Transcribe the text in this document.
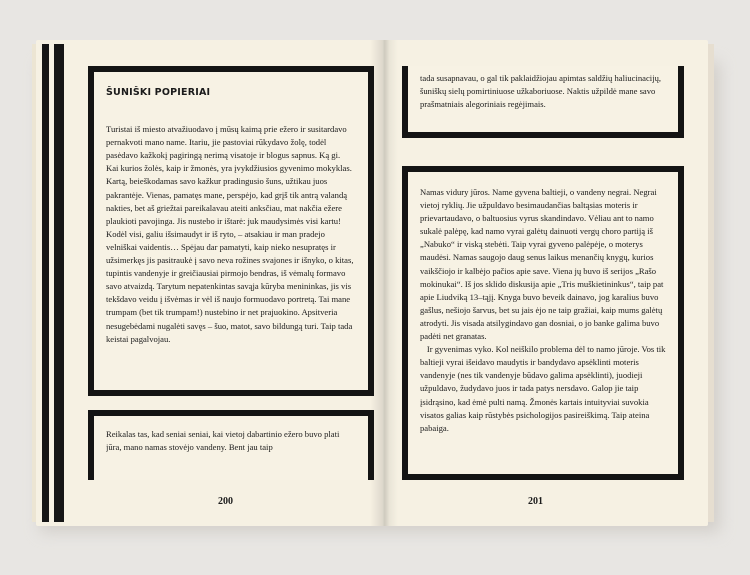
ŠUNIŠKI POPIERIAI

Turistai iš miesto atvažiuodavo į mūsų kaimą prie ežero ir susitardavo pernakvoti mano name. Itariu, jie pastoviai rūkydavo žolę, todėl pasėdavo kažkokį pagiringą nerimą visatoje ir blogus sapnus. Ką gi. Kai kurios žolės, kaip ir žmonės, yra įvykdžiusios gyvenimo mokyklas. Kartą, beieškodamas savo kažkur pradingusio šuns, užtikau juos pakrantėje. Vienas, pamatęs mane, perspėjo, kad grįš tik antrą valandą nakties, bet aš griežtai pareikalavau ateiti anksčiau, mat nakčia ežere plaukioti pavojinga. Jis nustebo ir ištarė: juk maudysimės visi kartu! Kodėl visi, galiu išsimaudyt ir iš ryto, – atsakiau ir man pradejo velniškai vaidentis… Spėjau dar pamatyti, kaip nieko nesupratęs ir užsimerkęs jis pasitraukė į savo neva rožines svajones ir išnyko, o kitas, tupintis vandenyje ir greičiausiai pirmojo bendras, iš vėmalų formavo savo atvaizdą. Tarytum nepatenkintas savąja kūryba menininkas, jis vis tekšdavo veidu į išvėmas ir vėl iš naujo formuodavo portretą. Tai mane trumpam (bet tik trumpam!) nustebino ir net prajuokino. Apsitveria nesugebėdami nugalėti savęs – šuo, matot, savo bildungą turi. Taip tada keistai pagalvojau.

Reikalas tas, kad seniai seniai, kai vietoj dabartinio ežero buvo plati jūra, mano namas stovėjo vandeny. Bent jau taip

200

tada susapnavau, o gal tik paklaidžiojau apimtas saldžių haliucinacijų, šuniškų sielų pomirtiniuose užkaboriuose. Naktis užpildė mane savo prašmatniais alegoriniais regėjimais.

Namas vidury jūros. Name gyvena baltieji, o vandeny negrai. Negrai vietoj ryklių. Jie užpuldavo besimaudančias baltąsias moteris ir prievartaudavo, o baltuosius vyrus skandindavo. Vėliau ant to namo sukalė palėpę, kad namo vyrai galėtų dainuoti vergų choro partiją iš „Nabuko“ ir viską stebėti. Taip vyrai gyveno palėpėje, o moterys maudėsi. Namas saugojo daug senus laikus menančių knygų, kurios vaikščiojo ir kalbėjo pačios apie save. Viena jų buvo iš serijos „Rašo mokinukai“. Iš jos sklido diskusija apie „Tris muškietininkus“, taip pat apie Liudviką 13–tąjį. Knyga buvo beveik dainavo, jog karalius buvo gašlus, nešiojo šarvus, bet su jais ėjo ne taip gražiai, kaip mums galėtų atrodyti. Jis visada atsilygindavo gan dosniai, o jo banke galima buvo padėti net granatas.

Ir gyvenimas vyko. Kol neiškilo problema dėl to namo jūroje. Vos tik baltieji vyrai išeidavo maudytis ir bandydavo apsėklinti moteris vandenyje (nes tik vandenyje būdavo galima apsėklinti), juodieji užpuldavo, žudydavo juos ir tada patys nersdavo. Galop jie taip įsidrąsino, kad ėmė pulti namą. Žmonės kartais intuityviai suvokia visatos galias kaip rūstybės psichologijos pasireiškimą. Taip ateina pabaiga.

201
